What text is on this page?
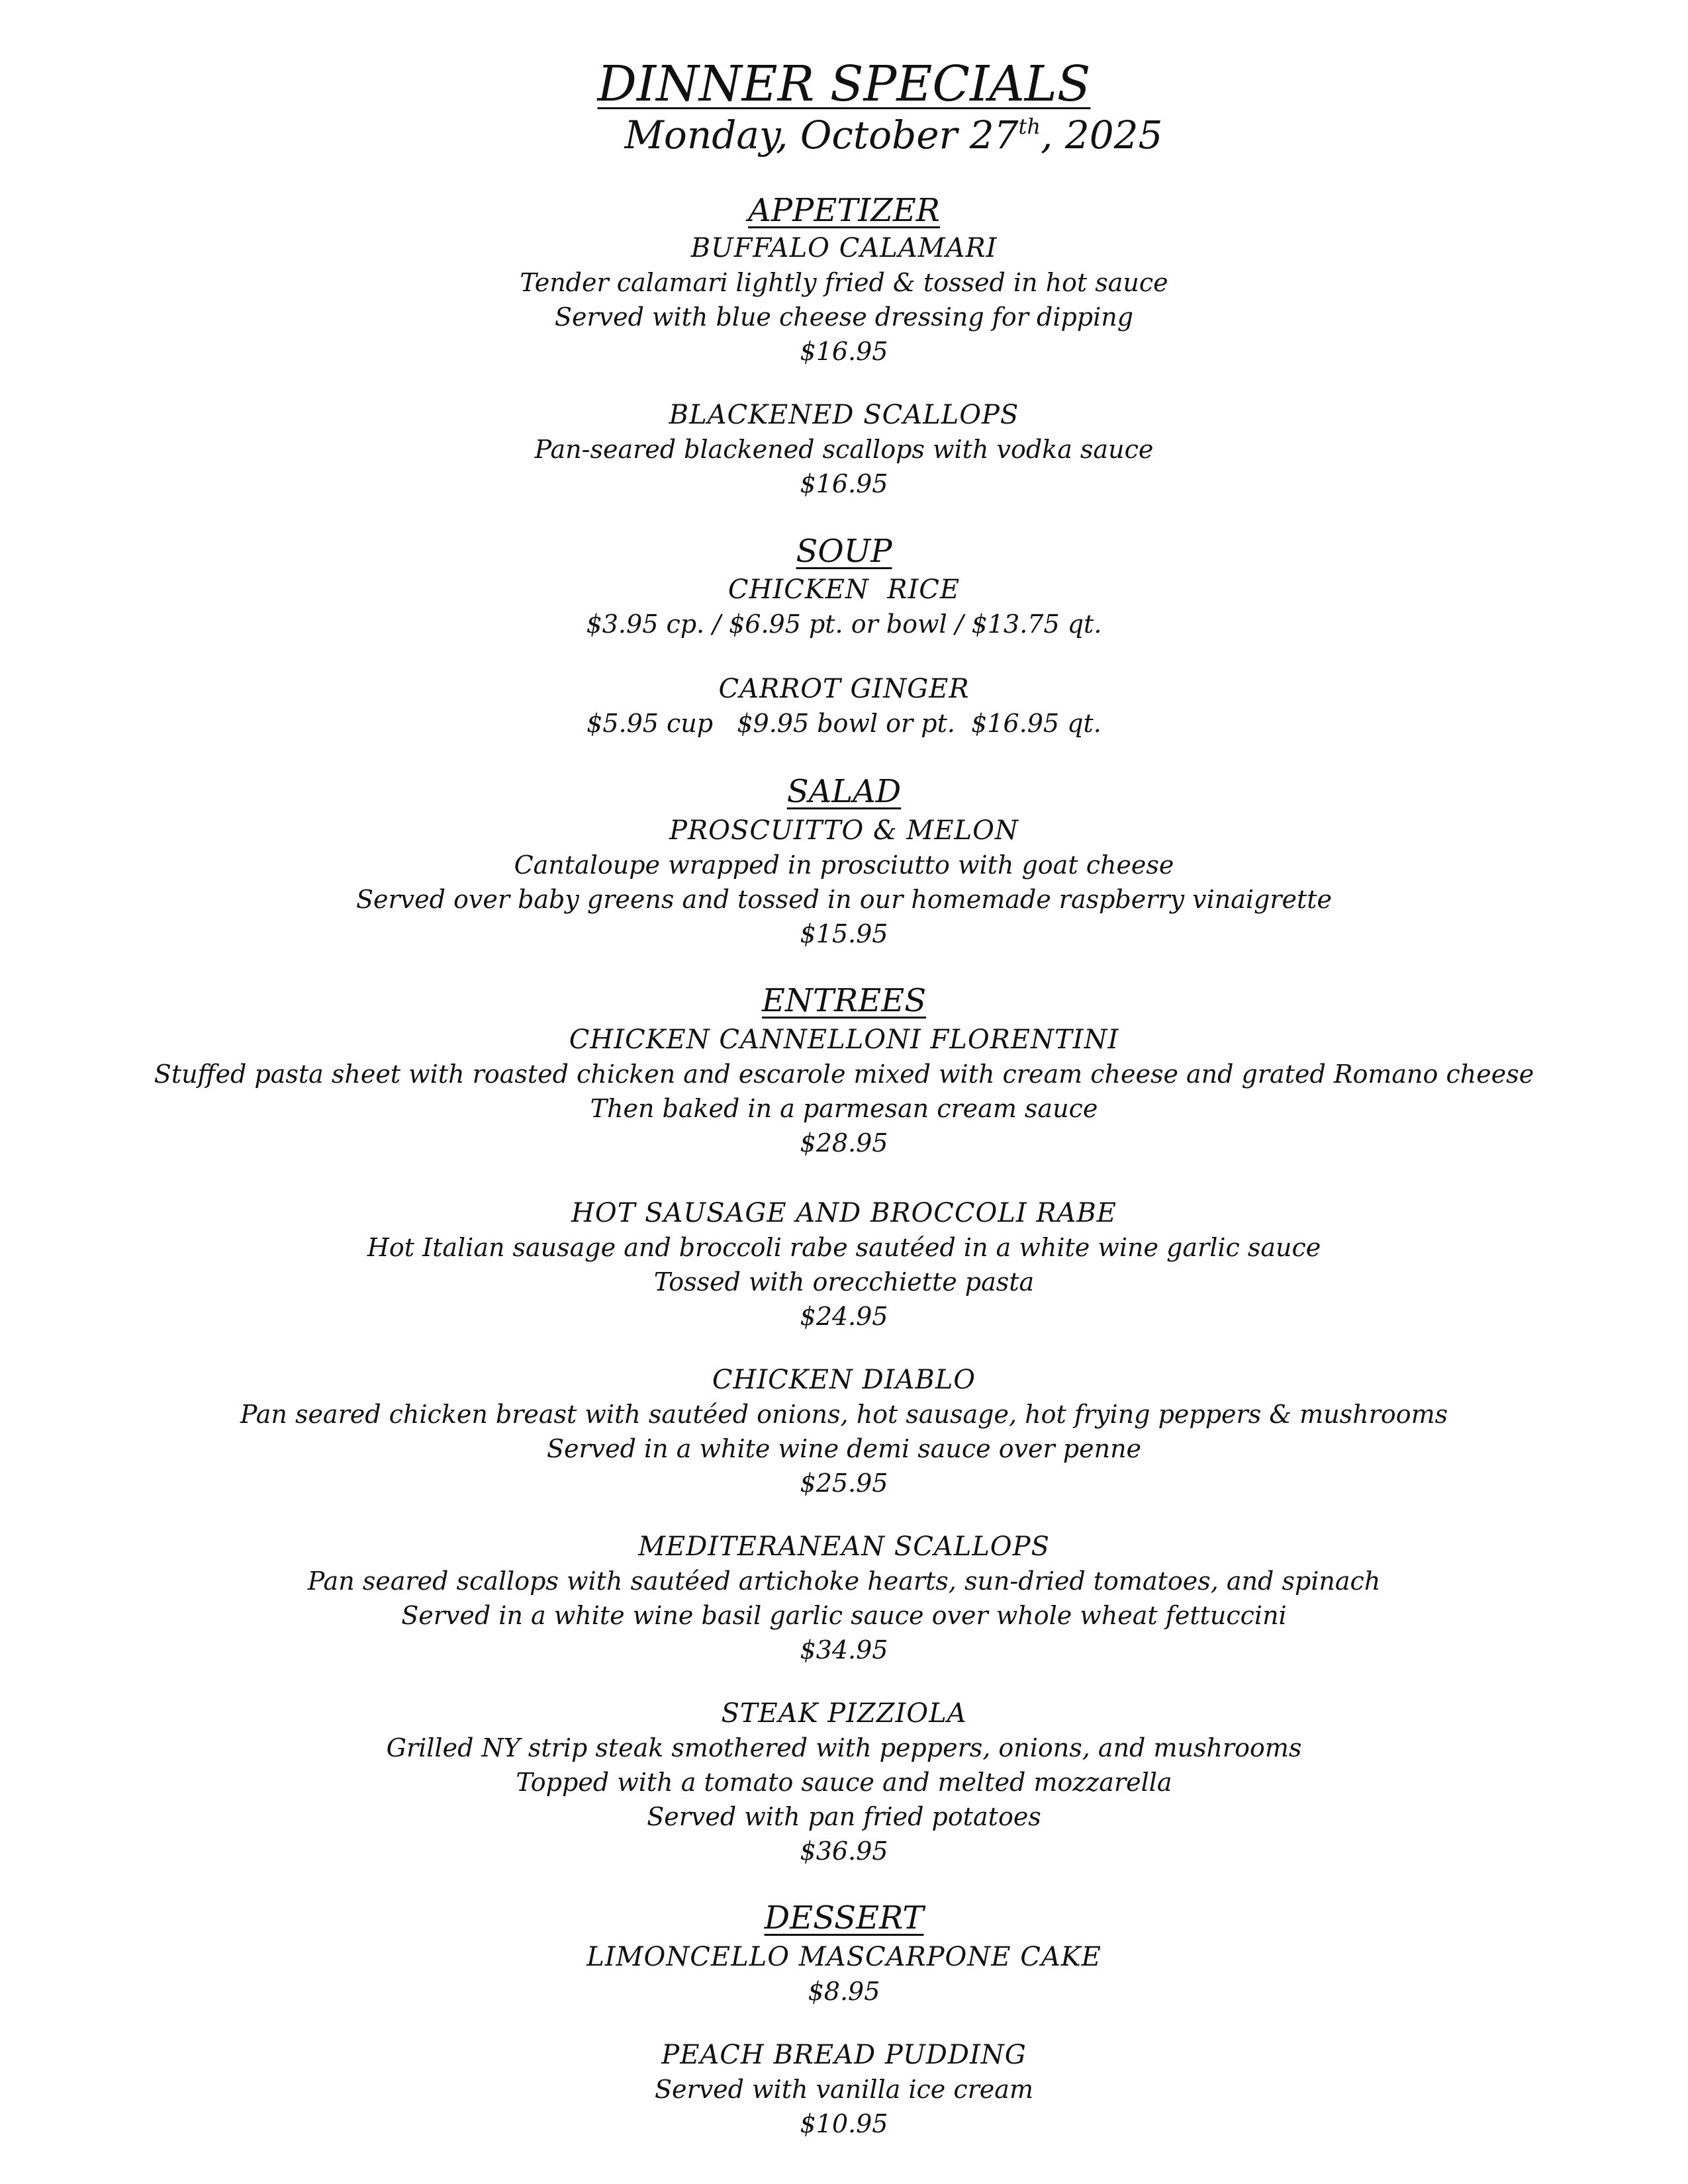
DINNER SPECIALS
Monday, October 27th, 2025
APPETIZER
BUFFALO CALAMARI
Tender calamari lightly fried & tossed in hot sauce
Served with blue cheese dressing for dipping
$16.95
BLACKENED SCALLOPS
Pan-seared blackened scallops with vodka sauce
$16.95
SOUP
CHICKEN  RICE
$3.95 cp. / $6.95 pt. or bowl / $13.75 qt.
CARROT GINGER
$5.95 cup   $9.95 bowl or pt.  $16.95 qt.
SALAD
PROSCUITTO & MELON
Cantaloupe wrapped in prosciutto with goat cheese
Served over baby greens and tossed in our homemade raspberry vinaigrette
$15.95
ENTREES
CHICKEN CANNELLONI FLORENTINI
Stuffed pasta sheet with roasted chicken and escarole mixed with cream cheese and grated Romano cheese
Then baked in a parmesan cream sauce
$28.95
HOT SAUSAGE AND BROCCOLI RABE
Hot Italian sausage and broccoli rabe sautéed in a white wine garlic sauce
Tossed with orecchiette pasta
$24.95
CHICKEN DIABLO
Pan seared chicken breast with sautéed onions, hot sausage, hot frying peppers & mushrooms
Served in a white wine demi sauce over penne
$25.95
MEDITERANEAN SCALLOPS
Pan seared scallops with sautéed artichoke hearts, sun-dried tomatoes, and spinach
Served in a white wine basil garlic sauce over whole wheat fettuccini
$34.95
STEAK PIZZIOLA
Grilled NY strip steak smothered with peppers, onions, and mushrooms
Topped with a tomato sauce and melted mozzarella
Served with pan fried potatoes
$36.95
DESSERT
LIMONCELLO MASCARPONE CAKE
$8.95
PEACH BREAD PUDDING
Served with vanilla ice cream
$10.95
